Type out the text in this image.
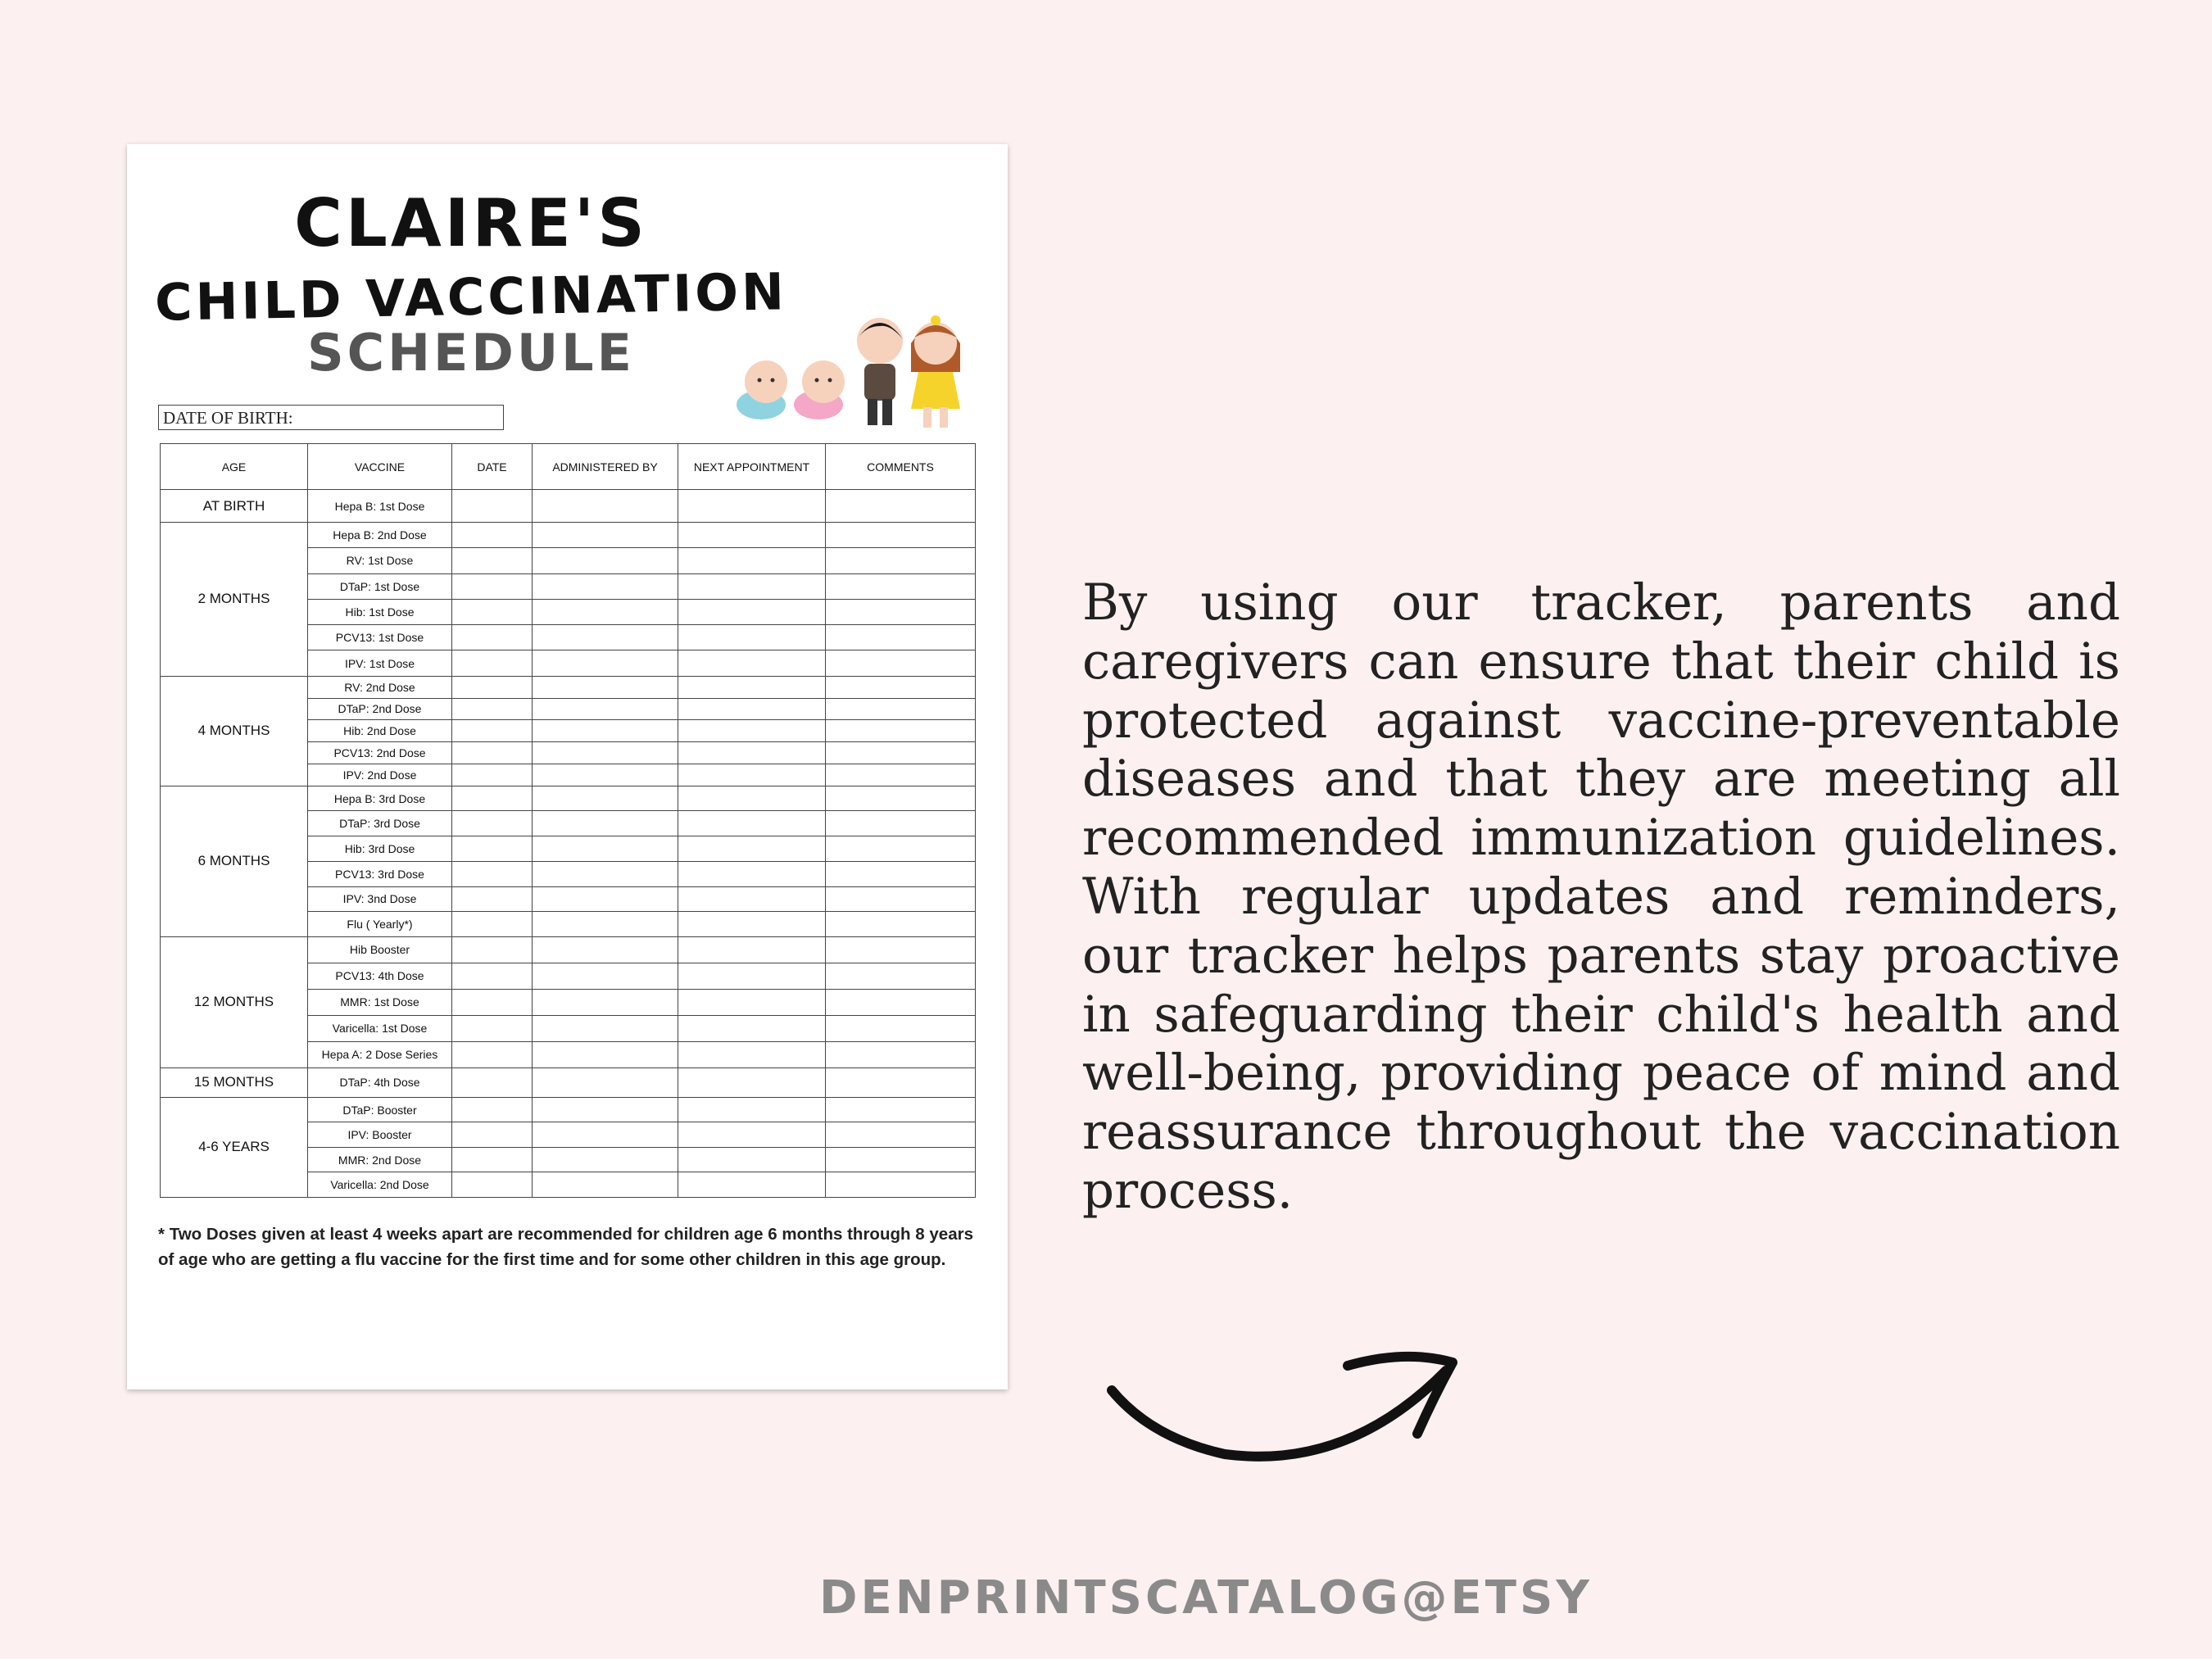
CLAIRE'S
CHILD VACCINATION
SCHEDULE
DATE OF BIRTH:
AGE	VACCINE	DATE	ADMINISTERED BY	NEXT APPOINTMENT	COMMENTS
AT BIRTH	Hepa B: 1st Dose				
2 MONTHS	Hepa B: 2nd Dose				
	RV: 1st Dose				
	DTaP: 1st Dose				
	Hib: 1st Dose				
	PCV13: 1st Dose				
	IPV: 1st Dose				
4 MONTHS	RV: 2nd Dose				
	DTaP: 2nd Dose				
	Hib: 2nd Dose				
	PCV13: 2nd Dose				
	IPV: 2nd Dose				
6 MONTHS	Hepa B: 3rd Dose				
	DTaP: 3rd Dose				
	Hib: 3rd Dose				
	PCV13: 3rd Dose				
	IPV: 3nd Dose				
	Flu ( Yearly*)				
12 MONTHS	Hib Booster				
	PCV13: 4th Dose				
	MMR: 1st Dose				
	Varicella: 1st Dose				
	Hepa A: 2 Dose Series				
15 MONTHS	DTaP: 4th Dose				
4-6 YEARS	DTaP: Booster				
	IPV: Booster				
	MMR: 2nd Dose				
	Varicella: 2nd Dose				
* Two Doses given at least 4 weeks apart are recommended for children age 6 months through 8 years of age who are getting a flu vaccine for the first time and for some other children in this age group.
By using our tracker, parents and caregivers can ensure that their child is protected against vaccine-preventable diseases and that they are meeting all recommended immunization guidelines. With regular updates and reminders, our tracker helps parents stay proactive in safeguarding their child's health and well-being, providing peace of mind and reassurance throughout the vaccination process.
DENPRINTSCATALOG@ETSY
